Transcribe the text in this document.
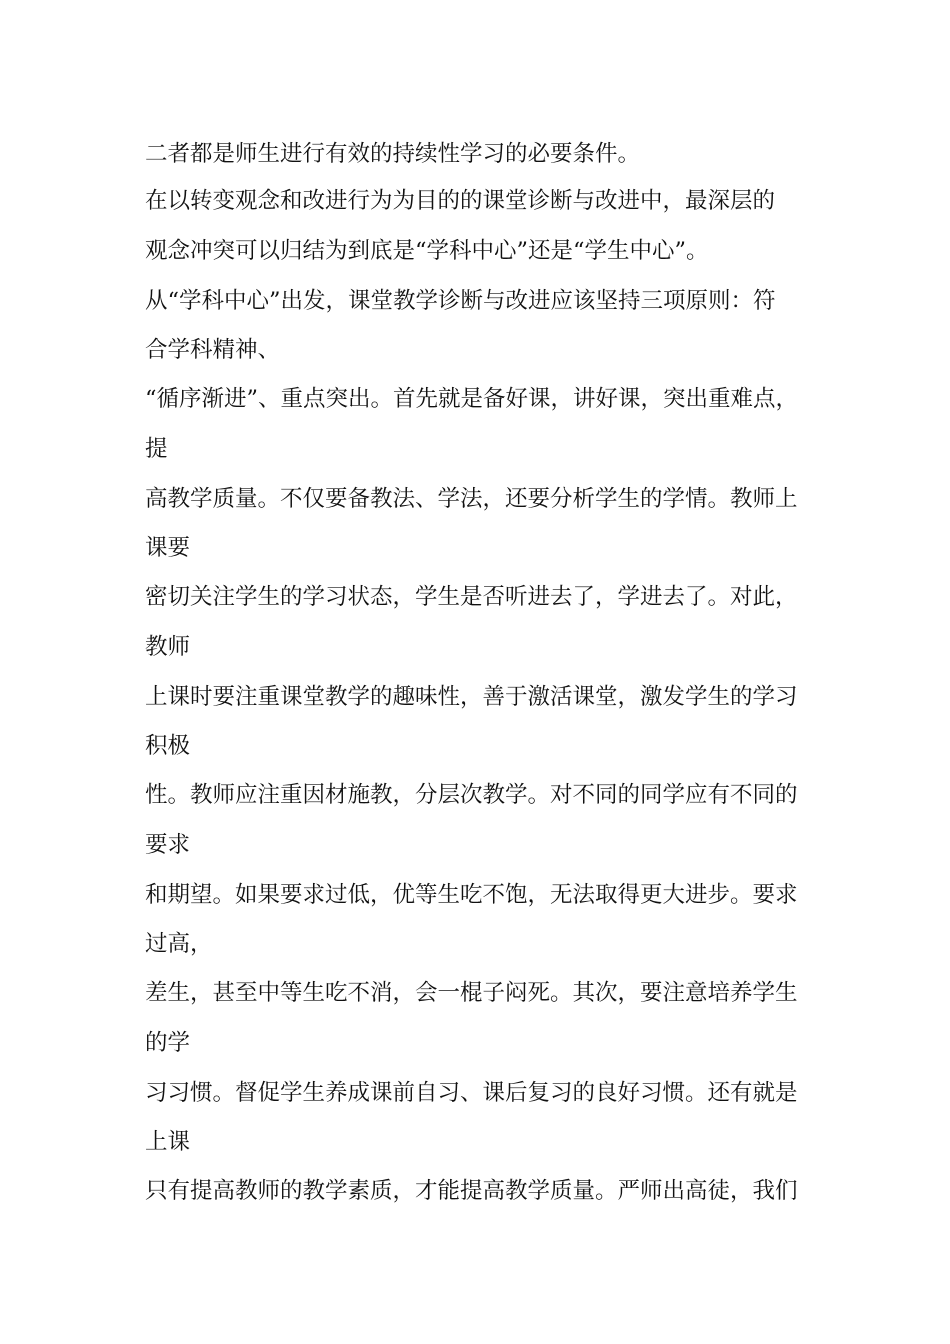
二者都是师生进行有效的持续性学习的必要条件。
在以转变观念和改进行为为目的的课堂诊断与改进中，最深层的
观念冲突可以归结为到底是“学科中心”还是“学生中心”。
从“学科中心”出发，课堂教学诊断与改进应该坚持三项原则：符
合学科精神、
“循序渐进”、重点突出。首先就是备好课，讲好课，突出重难点，
提
高教学质量。不仅要备教法、学法，还要分析学生的学情。教师上
课要
密切关注学生的学习状态，学生是否听进去了，学进去了。对此，
教师
上课时要注重课堂教学的趣味性，善于激活课堂，激发学生的学习
积极
性。教师应注重因材施教，分层次教学。对不同的同学应有不同的
要求
和期望。如果要求过低，优等生吃不饱，无法取得更大进步。要求
过高，
差生，甚至中等生吃不消，会一棍子闷死。其次，要注意培养学生
的学
习习惯。督促学生养成课前自习、课后复习的良好习惯。还有就是
上课
只有提高教师的教学素质，才能提高教学质量。严师出高徒，我们
